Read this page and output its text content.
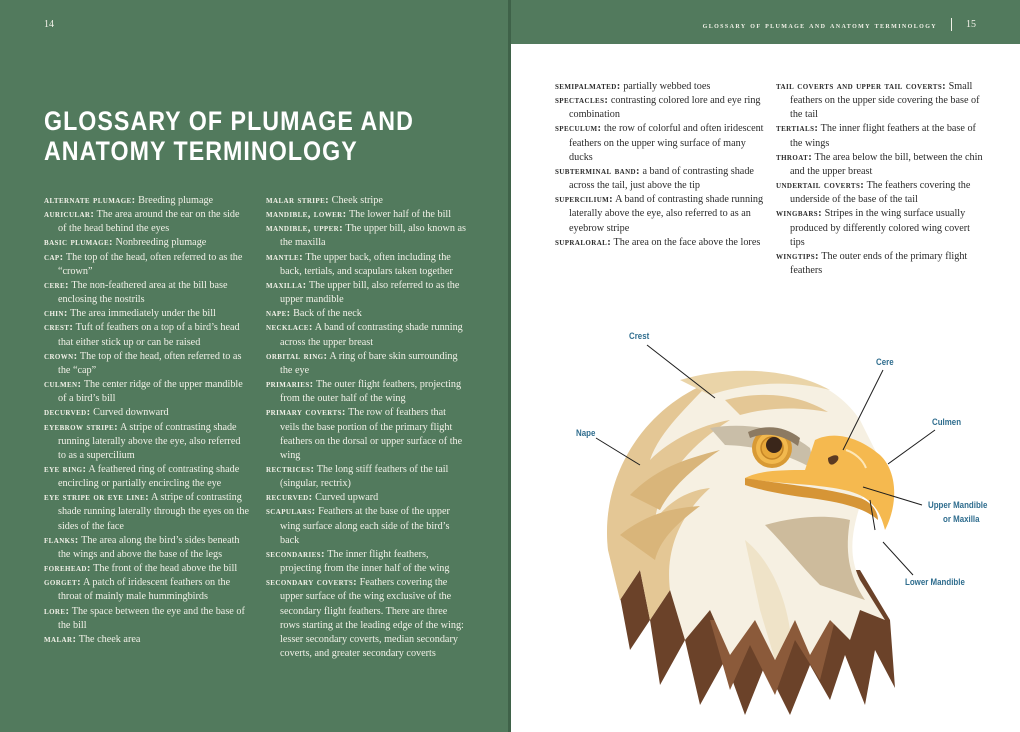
14
GLOSSARY OF PLUMAGE AND ANATOMY TERMINOLOGY

alternate plumage: Breeding plumage

auricular: The area around the ear on the side of the head behind the eyes

basic plumage: Nonbreeding plumage

cap: The top of the head, often referred to as the “crown”

cere: The non-feathered area at the bill base enclosing the nostrils

chin: The area immediately under the bill

crest: Tuft of feathers on a top of a bird’s head that either stick up or can be raised

crown: The top of the head, often referred to as the “cap”

culmen: The center ridge of the upper mandible of a bird’s bill

decurved: Curved downward

eyebrow stripe: A stripe of contrasting shade running laterally above the eye, also referred to as a supercilium

eye ring: A feathered ring of contrasting shade encircling or partially encircling the eye

eye stripe or eye line: A stripe of contrasting shade running laterally through the eyes on the sides of the face

flanks: The area along the bird’s sides beneath the wings and above the base of the legs

forehead: The front of the head above the bill

gorget: A patch of iridescent feathers on the throat of mainly male hummingbirds

lore: The space between the eye and the base of the bill

malar: The cheek area

malar stripe: Cheek stripe

mandible, lower: The lower half of the bill

mandible, upper: The upper bill, also known as the maxilla

mantle: The upper back, often including the back, tertials, and scapulars taken together

maxilla: The upper bill, also referred to as the upper mandible

nape: Back of the neck

necklace: A band of contrasting shade running across the upper breast

orbital ring: A ring of bare skin surrounding the eye

primaries: The outer flight feathers, projecting from the outer half of the wing

primary coverts: The row of feathers that veils the base portion of the primary flight feathers on the dorsal or upper surface of the wing

rectrices: The long stiff feathers of the tail (singular, rectrix)

recurved: Curved upward

scapulars: Feathers at the base of the upper wing surface along each side of the bird’s back

secondaries: The inner flight feathers, projecting from the inner half of the wing

secondary coverts: Feathers covering the upper surface of the wing exclusive of the secondary flight feathers. There are three rows starting at the leading edge of the wing: lesser secondary coverts, median secondary coverts, and greater secondary coverts

glossary of plumage and anatomy terminology	15

semipalmated: partially webbed toes

spectacles: contrasting colored lore and eye ring combination

speculum: the row of colorful and often iridescent feathers on the upper wing surface of many ducks

subterminal band: a band of contrasting shade across the tail, just above the tip

supercilium: A band of contrasting shade running laterally above the eye, also referred to as an eyebrow stripe

supraloral: The area on the face above the lores

tail coverts and upper tail coverts: Small feathers on the upper side covering the base of the tail

tertials: The inner flight feathers at the base of the wings

throat: The area below the bill, between the chin and the upper breast

undertail coverts: The feathers covering the underside of the base of the tail

wingbars: Stripes in the wing surface usually produced by differently colored wing covert tips

wingtips: The outer ends of the primary flight feathers

Crest
Cere
Nape
Culmen
Upper Mandible
or Maxilla
Lower Mandible
